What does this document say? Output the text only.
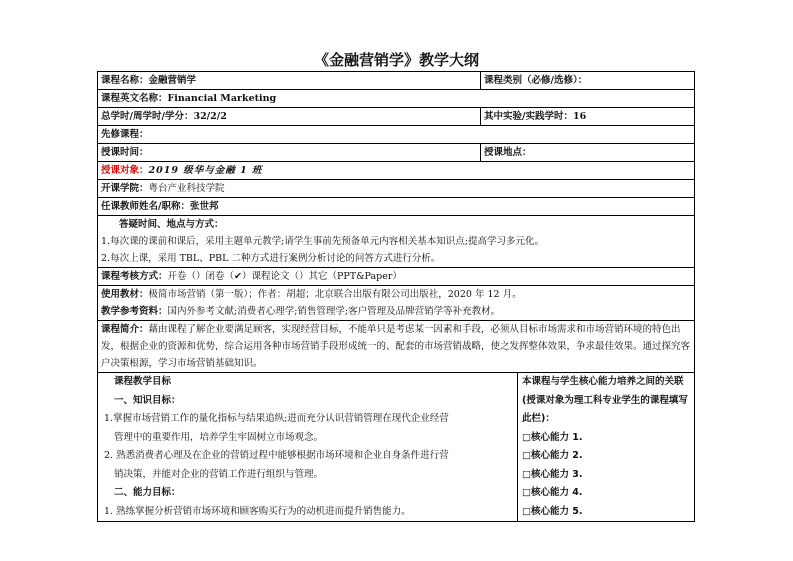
《金融营销学》教学大纲
课程名称：金融营销学	课程类别（必修/选修）：
课程英文名称：Financial Marketing
总学时/周学时/学分：32/2/2	其中实验/实践学时：16
先修课程：
授课时间：	授课地点：
授课对象：2019 级华与金融 1 班
开课学院：粤台产业科技学院
任课教师姓名/职称：张世邦
答疑时间、地点与方式：
1.每次课的课前和课后，采用主题单元教学;请学生事前先预备单元内容相关基本知识点;提高学习多元化。
2.每次上课，采用 TBL、PBL 二种方式进行案例分析讨论的问答方式进行分析。
课程考核方式：开卷（）闭卷（✔）课程论文（）其它（PPT&Paper）
使用教材：极简市场营销（第一版）；作者：胡超；北京联合出版有限公司出版社，2020 年 12 月。
教学参考资料：国内外参考文献;消费者心理学;销售管理学;客户管理及品牌营销学等补充教材。
课程简介：藉由课程了解企业要满足顾客，实现经营目标，不能单只是考虑某一因素和手段，必须从目标市场需求和市场营销环境的特色出发，根据企业的资源和优势，综合运用各种市场营销手段形成统一的、配套的市场营销战略，使之发挥整体效果，争求最佳效果。通过探究客户决策根源，学习市场营销基础知识。
课程教学目标
一、知识目标：
1.掌握市场营销工作的量化指标与结果追纵;进而充分认识营销管理在现代企业经营
管理中的重要作用，培养学生牢固树立市场观念。
2. 熟悉消费者心理及在企业的营销过程中能够根据市场环境和企业自身条件进行营
销决策，并能对企业的营销工作进行组织与管理。
二、能力目标：
1. 熟练掌握分析营销市场环境和顾客购买行为的动机进而提升销售能力。
本课程与学生核心能力培养之间的关联(授课对象为理工科专业学生的课程填写此栏)：
□核心能力 1.
□核心能力 2.
□核心能力 3.
□核心能力 4.
□核心能力 5.
